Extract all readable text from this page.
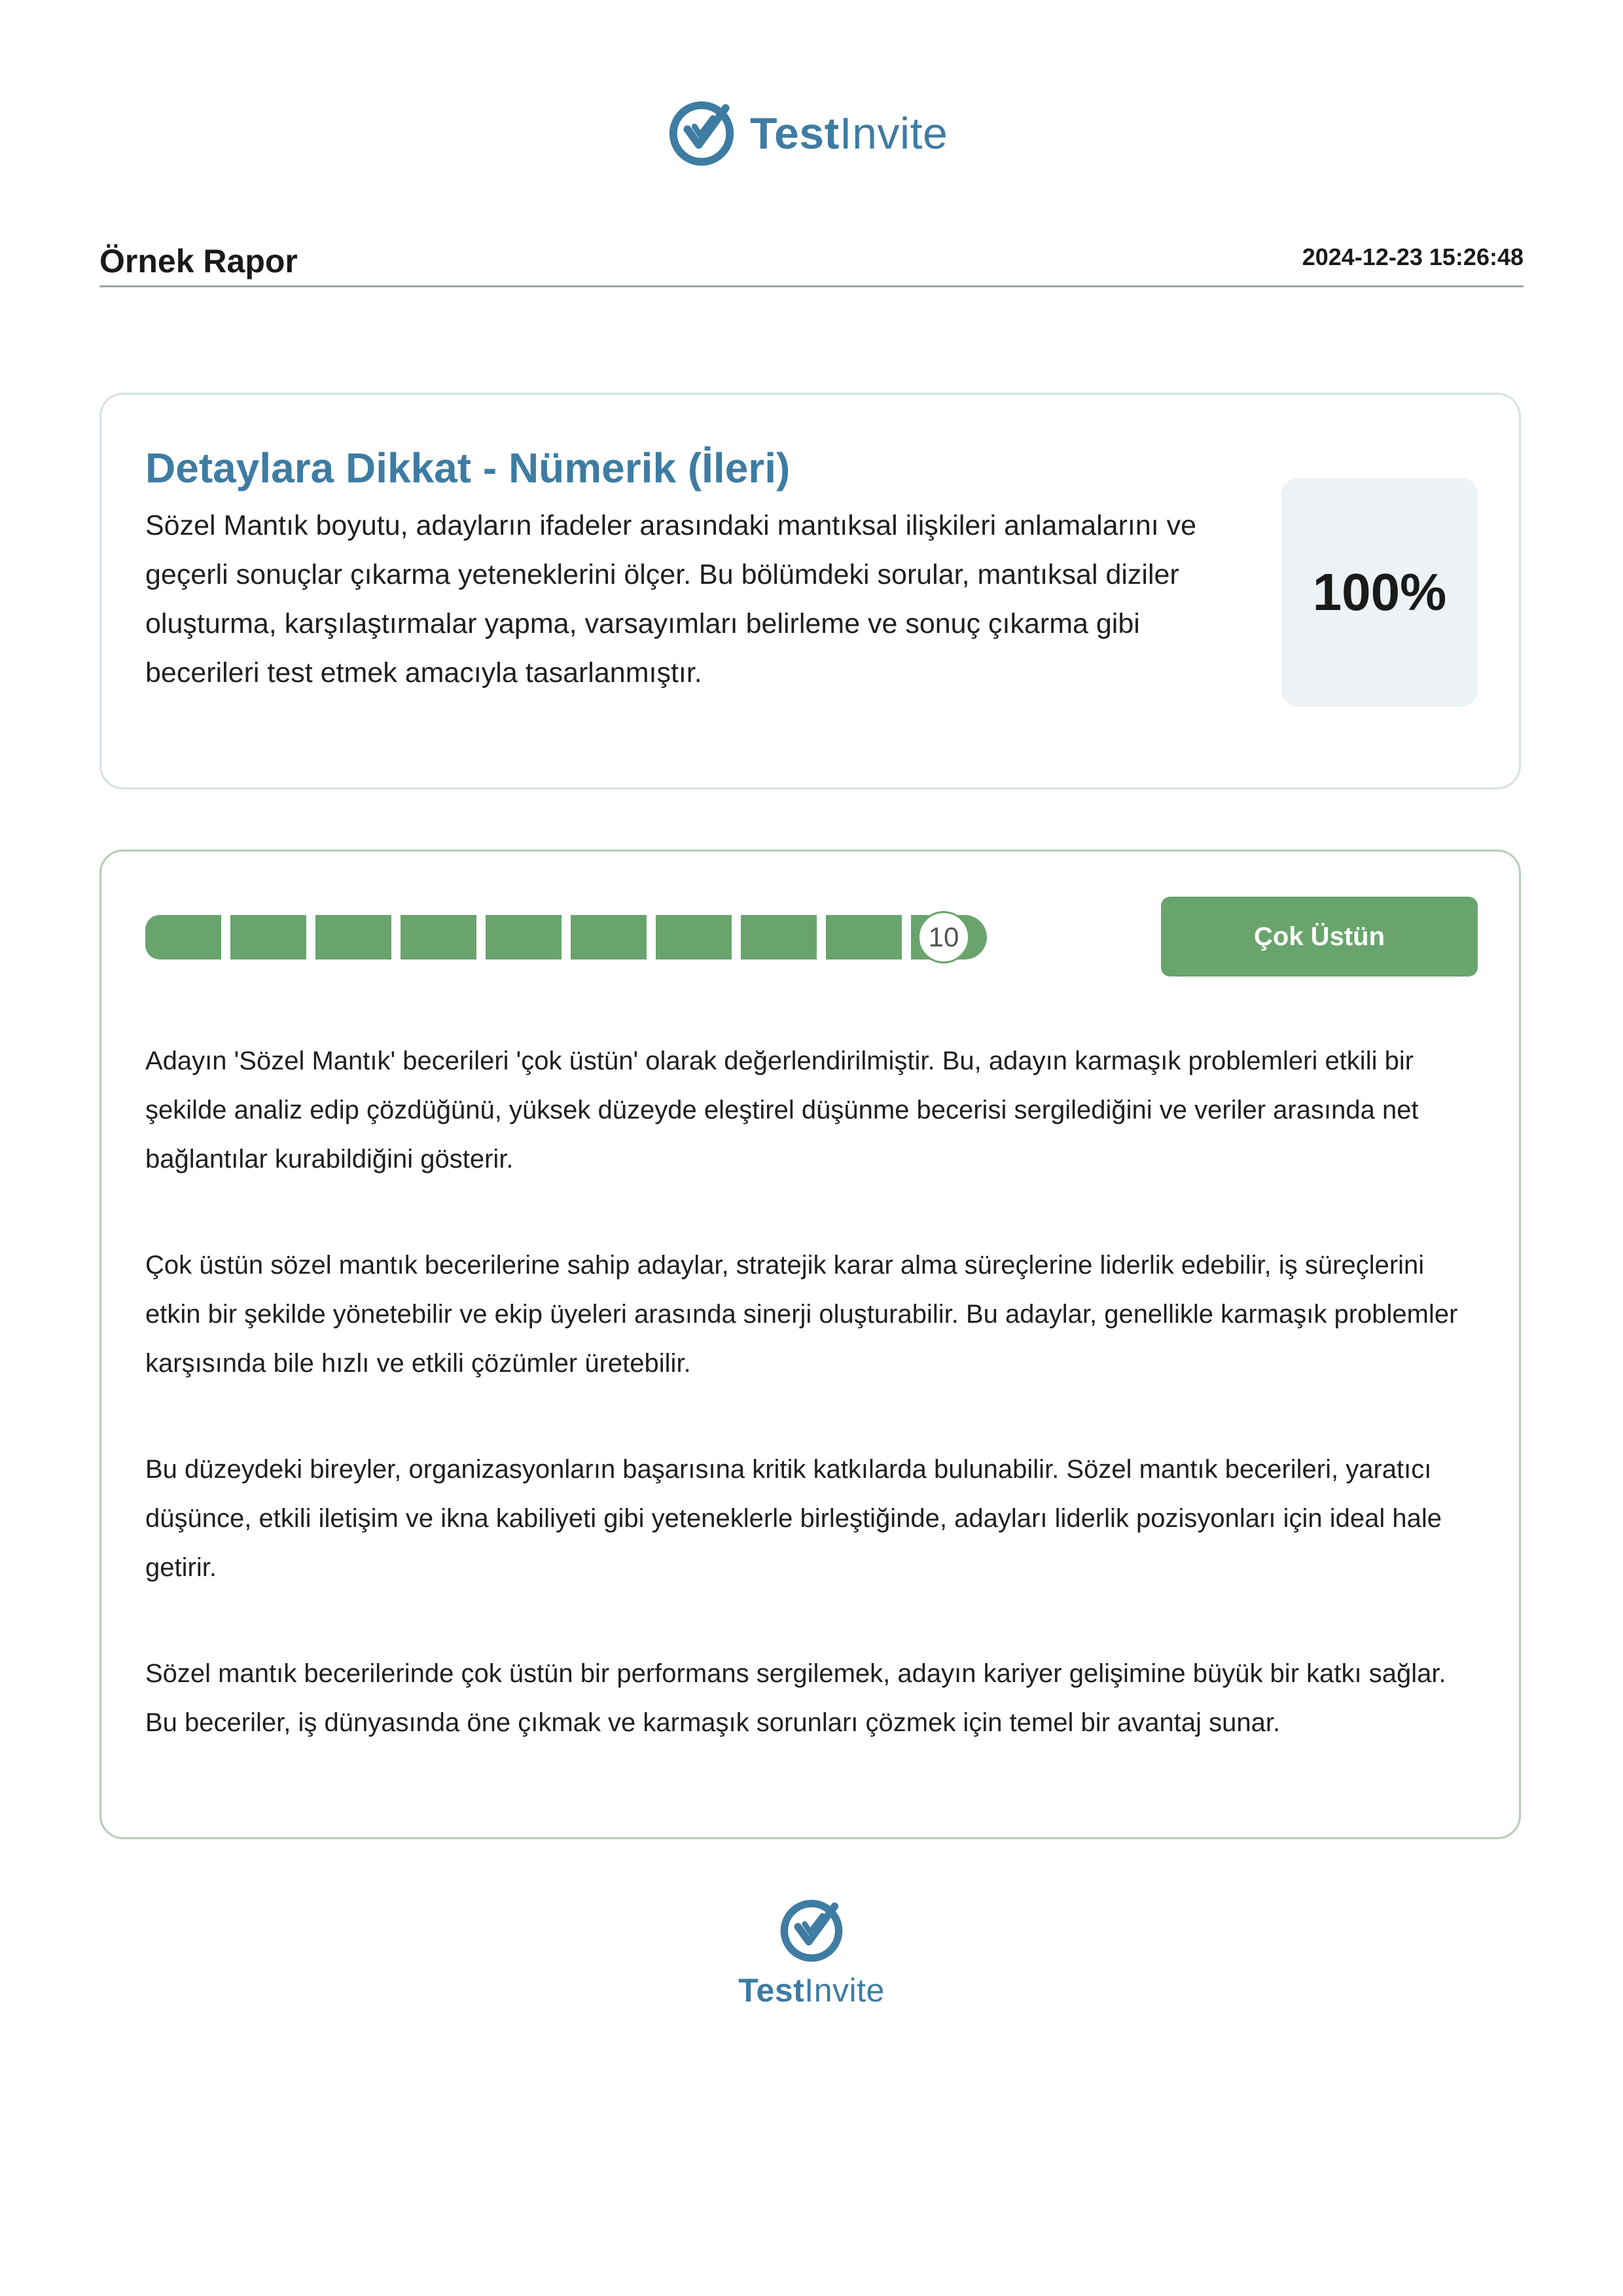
TestInvite
Örnek Rapor	2024-12-23 15:26:48
Detaylara Dikkat - Nümerik (İleri)
Sözel Mantık boyutu, adayların ifadeler arasındaki mantıksal ilişkileri anlamalarını ve geçerli sonuçlar çıkarma yeteneklerini ölçer. Bu bölümdeki sorular, mantıksal diziler oluşturma, karşılaştırmalar yapma, varsayımları belirleme ve sonuç çıkarma gibi becerileri test etmek amacıyla tasarlanmıştır.
100%
10	Çok Üstün
Adayın 'Sözel Mantık' becerileri 'çok üstün' olarak değerlendirilmiştir. Bu, adayın karmaşık problemleri etkili bir şekilde analiz edip çözdüğünü, yüksek düzeyde eleştirel düşünme becerisi sergilediğini ve veriler arasında net bağlantılar kurabildiğini gösterir.
Çok üstün sözel mantık becerilerine sahip adaylar, stratejik karar alma süreçlerine liderlik edebilir, iş süreçlerini etkin bir şekilde yönetebilir ve ekip üyeleri arasında sinerji oluşturabilir. Bu adaylar, genellikle karmaşık problemler karşısında bile hızlı ve etkili çözümler üretebilir.
Bu düzeydeki bireyler, organizasyonların başarısına kritik katkılarda bulunabilir. Sözel mantık becerileri, yaratıcı düşünce, etkili iletişim ve ikna kabiliyeti gibi yeteneklerle birleştiğinde, adayları liderlik pozisyonları için ideal hale getirir.
Sözel mantık becerilerinde çok üstün bir performans sergilemek, adayın kariyer gelişimine büyük bir katkı sağlar. Bu beceriler, iş dünyasında öne çıkmak ve karmaşık sorunları çözmek için temel bir avantaj sunar.
TestInvite
